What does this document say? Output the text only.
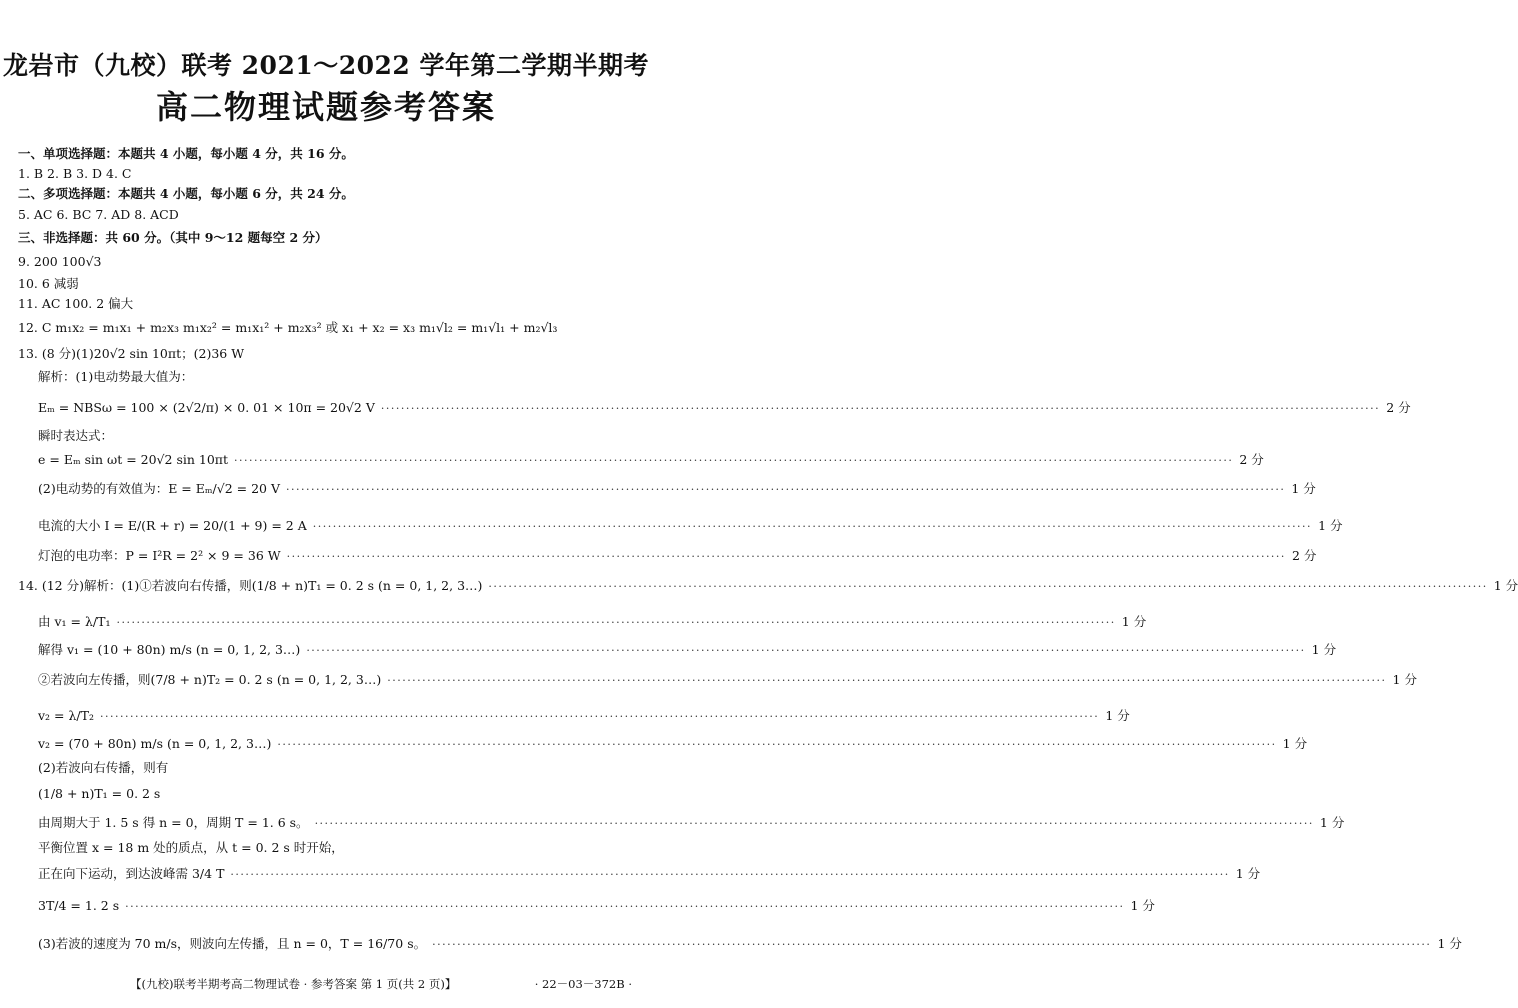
龙岩市（九校）联考 2021～2022 学年第二学期半期考
高二物理试题参考答案
一、单项选择题：本题共 4 小题，每小题 4 分，共 16 分。
1. B 2. B 3. D 4. C
二、多项选择题：本题共 4 小题，每小题 6 分，共 24 分。
5. AC 6. BC 7. AD 8. ACD
三、非选择题：共 60 分。（其中 9～12 题每空 2 分）
9. 200 100√3
10. 6 减弱
11. AC 100. 2 偏大
12. C m₁x₂ = m₁x₁ + m₂x₃ m₁x₂² = m₁x₁² + m₂x₃² 或 x₁ + x₂ = x₃ m₁√l₂ = m₁√l₁ + m₂√l₃
13. (8 分)(1)20√2 sin 10πt；(2)36 W
解析：(1)电动势最大值为：
Eₘ = NBSω = 100 × (2√2/π) × 0. 01 × 10π = 20√2 V ········································································································································································································ 2 分
瞬时表达式：
e = Eₘ sin ωt = 20√2 sin 10πt ········································································································································································································ 2 分
(2)电动势的有效值为：E = Eₘ/√2 = 20 V ········································································································································································································ 1 分
电流的大小 I = E/(R + r) = 20/(1 + 9) = 2 A ········································································································································································································ 1 分
灯泡的电功率：P = I²R = 2² × 9 = 36 W ········································································································································································································ 2 分
14. (12 分)解析：(1)①若波向右传播，则(1/8 + n)T₁ = 0. 2 s (n = 0, 1, 2, 3…) ········································································································································································································ 1 分
由 v₁ = λ/T₁ ········································································································································································································ 1 分
解得 v₁ = (10 + 80n) m/s (n = 0, 1, 2, 3…) ········································································································································································································ 1 分
②若波向左传播，则(7/8 + n)T₂ = 0. 2 s (n = 0, 1, 2, 3…) ········································································································································································································ 1 分
v₂ = λ/T₂ ········································································································································································································ 1 分
v₂ = (70 + 80n) m/s (n = 0, 1, 2, 3…) ········································································································································································································ 1 分
(2)若波向右传播，则有
(1/8 + n)T₁ = 0. 2 s
由周期大于 1. 5 s 得 n = 0，周期 T = 1. 6 s。 ········································································································································································································ 1 分
平衡位置 x = 18 m 处的质点，从 t = 0. 2 s 时开始，
正在向下运动，到达波峰需 3/4 T ········································································································································································································ 1 分
3T/4 = 1. 2 s ········································································································································································································ 1 分
(3)若波的速度为 70 m/s，则波向左传播，且 n = 0，T = 16/70 s。 ········································································································································································································ 1 分
【(九校)联考半期考高二物理试卷 · 参考答案 第 1 页(共 2 页)】	· 22－03－372B ·
